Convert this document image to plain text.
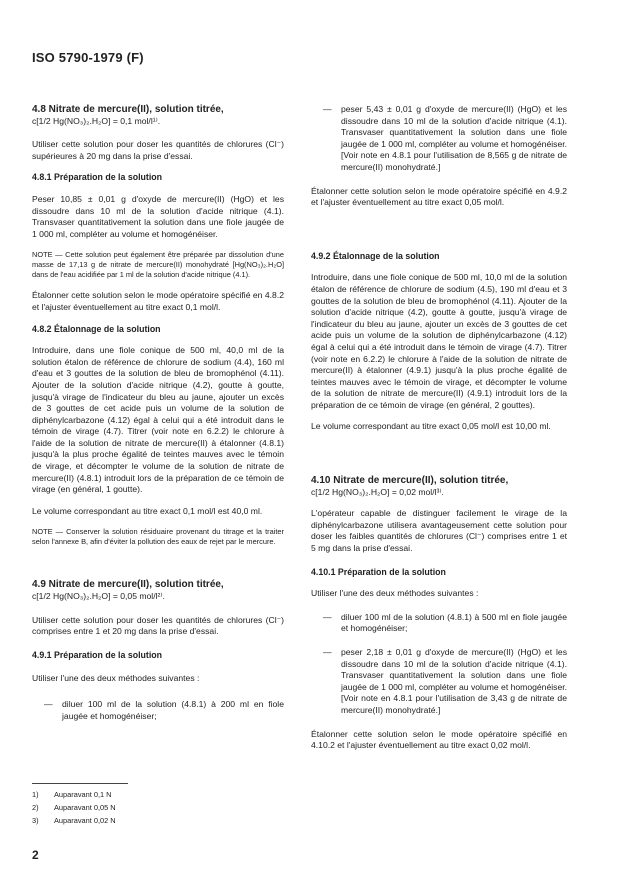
ISO 5790-1979 (F)

4.8 Nitrate de mercure(II), solution titrée,

c[1/2 Hg(NO₃)₂.H₂O] = 0,1 mol/l¹⁾.

Utiliser cette solution pour doser les quantités de chlorures (Cl⁻) supérieures à 20 mg dans la prise d'essai.

4.8.1 Préparation de la solution

Peser 10,85 ± 0,01 g d'oxyde de mercure(II) (HgO) et les dissoudre dans 10 ml de la solution d'acide nitrique (4.1). Transvaser quantitativement la solution dans une fiole jaugée de 1 000 ml, compléter au volume et homogénéiser.

NOTE — Cette solution peut également être préparée par dissolution d'une masse de 17,13 g de nitrate de mercure(II) monohydraté [Hg(NO₃)₂.H₂O] dans de l'eau acidifiée par 1 ml de la solution d'acide nitrique (4.1).

Étalonner cette solution selon le mode opératoire spécifié en 4.8.2 et l'ajuster éventuellement au titre exact 0,1 mol/l.

4.8.2 Étalonnage de la solution

Introduire, dans une fiole conique de 500 ml, 40,0 ml de la solution étalon de référence de chlorure de sodium (4.4), 160 ml d'eau et 3 gouttes de la solution de bleu de bromophénol (4.11). Ajouter de la solution d'acide nitrique (4.2), goutte à goutte, jusqu'à virage de l'indicateur du bleu au jaune, ajouter un excès de 3 gouttes de cet acide puis un volume de la solution de diphénylcarbazone (4.12) égal à celui qui a été introduit dans le témoin de virage (4.7). Titrer (voir note en 6.2.2) le chlorure à l'aide de la solution de nitrate de mercure(II) à étalonner (4.8.1) jusqu'à la plus proche égalité de teintes mauves avec le témoin de virage, et décompter le volume de la solution de nitrate de mercure(II) (4.8.1) introduit lors de la préparation de ce témoin de virage (en général, 1 goutte).

Le volume correspondant au titre exact 0,1 mol/l est 40,0 ml.

NOTE — Conserver la solution résiduaire provenant du titrage et la traiter selon l'annexe B, afin d'éviter la pollution des eaux de rejet par le mercure.

4.9 Nitrate de mercure(II), solution titrée,

c[1/2 Hg(NO₃)₂.H₂O] = 0,05 mol/l²⁾.

Utiliser cette solution pour doser les quantités de chlorures (Cl⁻) comprises entre 1 et 20 mg dans la prise d'essai.

4.9.1 Préparation de la solution

Utiliser l'une des deux méthodes suivantes :

—	diluer 100 ml de la solution (4.8.1) à 200 ml en fiole jaugée et homogénéiser;
—	peser 5,43 ± 0,01 g d'oxyde de mercure(II) (HgO) et les dissoudre dans 10 ml de la solution d'acide nitrique (4.1). Transvaser quantitativement la solution dans une fiole jaugée de 1 000 ml, compléter au volume et homogénéiser. [Voir note en 4.8.1 pour l'utilisation de 8,565 g de nitrate de mercure(II) monohydraté.]

Étalonner cette solution selon le mode opératoire spécifié en 4.9.2 et l'ajuster éventuellement au titre exact 0,05 mol/l.

4.9.2 Étalonnage de la solution

Introduire, dans une fiole conique de 500 ml, 10,0 ml de la solution étalon de référence de chlorure de sodium (4.5), 190 ml d'eau et 3 gouttes de la solution de bleu de bromophénol (4.11). Ajouter de la solution d'acide nitrique (4.2), goutte à goutte, jusqu'à virage de l'indicateur du bleu au jaune, ajouter un excès de 3 gouttes de cet acide puis un volume de la solution de diphénylcarbazone (4.12) égal à celui qui a été introduit dans le témoin de virage (4.7). Titrer (voir note en 6.2.2) le chlorure à l'aide de la solution de nitrate de mercure(II) à étalonner (4.9.1) jusqu'à la plus proche égalité de teintes mauves avec le témoin de virage, et décompter le volume de la solution de nitrate de mercure(II) (4.9.1) introduit lors de la préparation de ce témoin de virage (en général, 2 gouttes).

Le volume correspondant au titre exact 0,05 mol/l est 10,00 ml.

4.10 Nitrate de mercure(II), solution titrée,

c[1/2 Hg(NO₃)₂.H₂O] = 0,02 mol/l³⁾.

L'opérateur capable de distinguer facilement le virage de la diphénylcarbazone utilisera avantageusement cette solution pour doser les faibles quantités de chlorures (Cl⁻) comprises entre 1 et 5 mg dans la prise d'essai.

4.10.1 Préparation de la solution

Utiliser l'une des deux méthodes suivantes :

—	diluer 100 ml de la solution (4.8.1) à 500 ml en fiole jaugée et homogénéiser;
—	peser 2,18 ± 0,01 g d'oxyde de mercure(II) (HgO) et les dissoudre dans 10 ml de la solution d'acide nitrique (4.1). Transvaser quantitativement la solution dans une fiole jaugée de 1 000 ml, compléter au volume et homogénéiser. [Voir note en 4.8.1 pour l'utilisation de 3,43 g de nitrate de mercure(II) monohydraté.]

Étalonner cette solution selon le mode opératoire spécifié en 4.10.2 et l'ajuster éventuellement au titre exact 0,02 mol/l.

1)	Auparavant 0,1 N
2)	Auparavant 0,05 N
3)	Auparavant 0,02 N
2
